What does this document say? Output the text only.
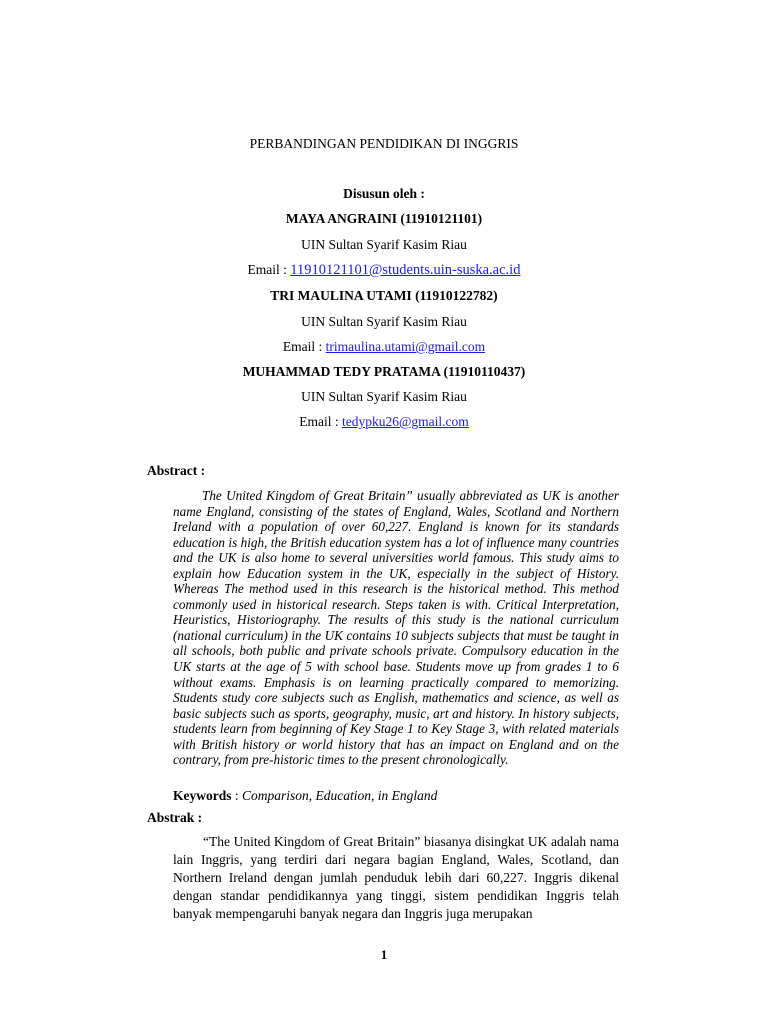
PERBANDINGAN PENDIDIKAN DI INGGRIS
Disusun oleh :
MAYA ANGRAINI (11910121101)
UIN Sultan Syarif Kasim Riau
Email : 11910121101@students.uin-suska.ac.id
TRI MAULINA UTAMI (11910122782)
UIN Sultan Syarif Kasim Riau
Email : trimaulina.utami@gmail.com
MUHAMMAD TEDY PRATAMA (11910110437)
UIN Sultan Syarif Kasim Riau
Email : tedypku26@gmail.com
Abstract :

The United Kingdom of Great Britain” usually abbreviated as UK is another name England, consisting of the states of England, Wales, Scotland and Northern Ireland with a population of over 60,227. England is known for its standards education is high, the British education system has a lot of influence many countries and the UK is also home to several universities world famous. This study aims to explain how Education system in the UK, especially in the subject of History. Whereas The method used in this research is the historical method. This method commonly used in historical research. Steps taken is with. Critical Interpretation, Heuristics, Historiography. The results of this study is the national curriculum (national curriculum) in the UK contains 10 subjects subjects that must be taught in all schools, both public and private schools private. Compulsory education in the UK starts at the age of 5 with school base. Students move up from grades 1 to 6 without exams. Emphasis is on learning practically compared to memorizing. Students study core subjects such as English, mathematics and science, as well as basic subjects such as sports, geography, music, art and history. In history subjects, students learn from beginning of Key Stage 1 to Key Stage 3, with related materials with British history or world history that has an impact on England and on the contrary, from pre-historic times to the present chronologically.

Keywords : Comparison, Education, in England
Abstrak :

“The United Kingdom of Great Britain” biasanya disingkat UK adalah nama lain Inggris, yang terdiri dari negara bagian England, Wales, Scotland, dan Northern Ireland dengan jumlah penduduk lebih dari 60,227. Inggris dikenal dengan standar pendidikannya yang tinggi, sistem pendidikan Inggris telah banyak mempengaruhi banyak negara dan Inggris juga merupakan

1
